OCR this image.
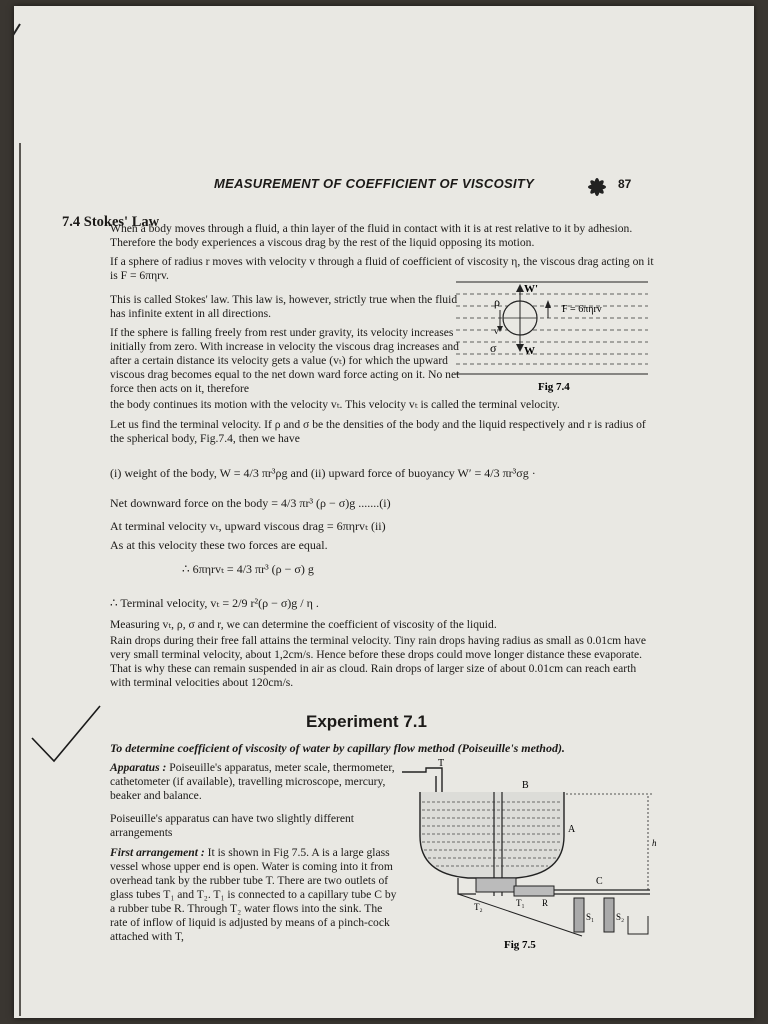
MEASUREMENT OF COEFFICIENT OF VISCOSITY	87
7.4 Stokes' Law
When a body moves through a fluid, a thin layer of the fluid in contact with it is at rest relative to it by adhesion. Therefore the body experiences a viscous drag by the rest of the liquid opposing its motion.
If a sphere of radius r moves with velocity v through a fluid of coefficient of viscosity η, the viscous drag acting on it is F = 6πηrv.
This is called Stokes' law. This law is, however, strictly true when the fluid has infinite extent in all directions.
If the sphere is falling freely from rest under gravity, its velocity increases initially from zero. With increase in velocity the viscous drag increases and after a certain distance its velocity gets a value (vₜ) for which the upward viscous drag becomes equal to the net down ward force acting on it. No net force then acts on it, therefore
the body continues its motion with the velocity vₜ. This velocity vₜ is called the terminal velocity.
Let us find the terminal velocity. If ρ and σ be the densities of the body and the liquid respectively and r is radius of the spherical body, Fig.7.4, then we have
W'
ρ
F = 6πηrv
σ	W
v
Fig 7.4
(i) weight of the body, W = 4/3 πr³ρg and (ii) upward force of buoyancy W′ = 4/3 πr³σg ·
Net downward force on the body = 4/3 πr³ (ρ − σ)g .......(i)
At terminal velocity vₜ, upward viscous drag = 6πηrvₜ (ii)
As at this velocity these two forces are equal.
∴ 6πηrvₜ = 4/3 πr³ (ρ − σ) g
∴ Terminal velocity, vₜ = 2/9 r²(ρ − σ)g / η .
Measuring vₜ, ρ, σ and r, we can determine the coefficient of viscosity of the liquid.
Rain drops during their free fall attains the terminal velocity. Tiny rain drops having radius as small as 0.01cm have very small terminal velocity, about 1,2cm/s. Hence before these drops could move longer distance these evaporate. That is why these can remain suspended in air as cloud. Rain drops of larger size of about 0.01cm can reach earth with terminal velocities about 120cm/s.
Experiment 7.1
To determine coefficient of viscosity of water by capillary flow method (Poiseuille's method).
Apparatus : Poiseuille's apparatus, meter scale, thermometer, cathetometer (if available), travelling microscope, mercury, beaker and balance.
Poiseuille's apparatus can have two slightly different arrangements
First arrangement : It is shown in Fig 7.5. A is a large glass vessel whose upper end is open. Water is coming into it from overhead tank by the rubber tube T. There are two outlets of glass tubes T₁ and T₂. T₁ is connected to a capillary tube C by a rubber tube R. Through T₂ water flows into the sink. The rate of inflow of liquid is adjusted by means of a pinch-cock attached with T,
T
B
A
h
C
T₂	T₁ R
S₁ S₂
Fig 7.5
